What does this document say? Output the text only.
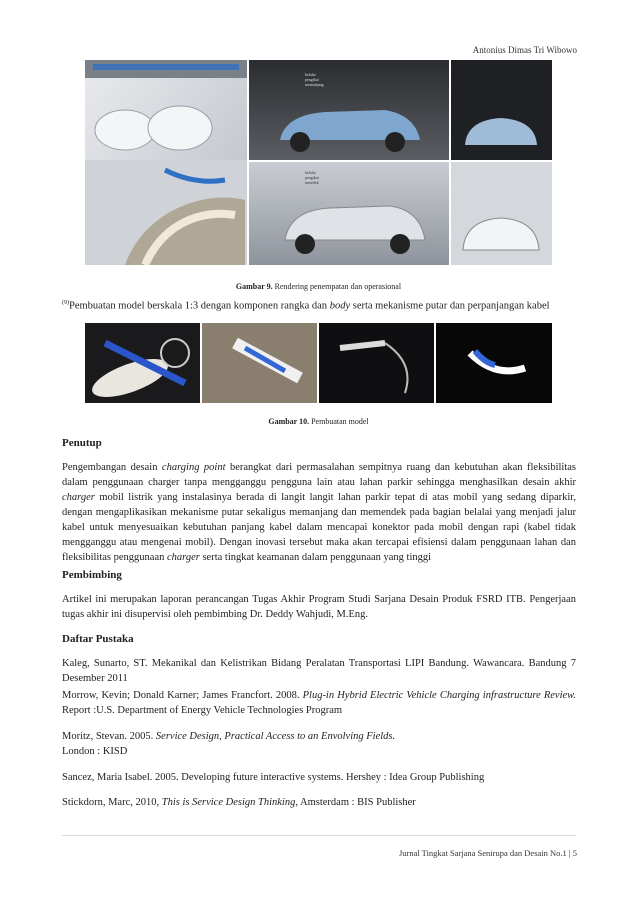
Antonius Dimas Tri Wibowo
belalai
pengikat
memanjang
belalai
pengikat
meredek
Gambar 9. Rendering penempatan dan operasional
$^{(9)}$Pembuatan model berskala 1:3 dengan komponen rangka dan body serta mekanisme putar dan perpanjangan kabel
Gambar 10. Pembuatan model
Penutup
Pengembangan desain charging point berangkat dari permasalahan sempitnya ruang dan kebutuhan akan fleksibilitas dalam penggunaan charger tanpa mengganggu pengguna lain atau lahan parkir sehingga menghasilkan desain akhir charger mobil listrik yang instalasinya berada di langit langit lahan parkir tepat di atas mobil yang sedang diparkir, dengan mengaplikasikan mekanisme putar sekaligus memanjang dan memendek pada bagian belalai yang menjadi jalur kabel untuk menyesuaikan kebutuhan panjang kabel dalam mencapai konektor pada mobil dengan rapi (kabel tidak mengganggu atau mengenai mobil). Dengan inovasi tersebut maka akan tercapai efisiensi dalam penggunaan lahan dan fleksibilitas penggunaan charger serta tingkat keamanan dalam penggunaan yang tinggi
Pembimbing
Artikel ini merupakan laporan perancangan Tugas Akhir Program Studi Sarjana Desain Produk FSRD ITB. Pengerjaan tugas akhir ini disupervisi oleh pembimbing Dr. Deddy Wahjudi, M.Eng.
Daftar Pustaka
Kaleg, Sunarto, ST. Mekanikal dan Kelistrikan Bidang Peralatan Transportasi LIPI Bandung. Wawancara. Bandung 7 Desember 2011
Morrow, Kevin; Donald Karner; James Francfort. 2008. Plug-in Hybrid Electric Vehicle Charging infrastructure Review. Report :U.S. Department of Energy Vehicle Technologies Program
Moritz, Stevan. 2005. Service Design, Practical Access to an Envolving Fields.
London : KISD
Sancez, Maria Isabel. 2005. Developing future interactive systems. Hershey : Idea Group Publishing
Stickdorn, Marc, 2010, This is Service Design Thinking, Amsterdam : BIS Publisher
Jurnal Tingkat Sarjana Senirupa dan Desain No.1 | 5
